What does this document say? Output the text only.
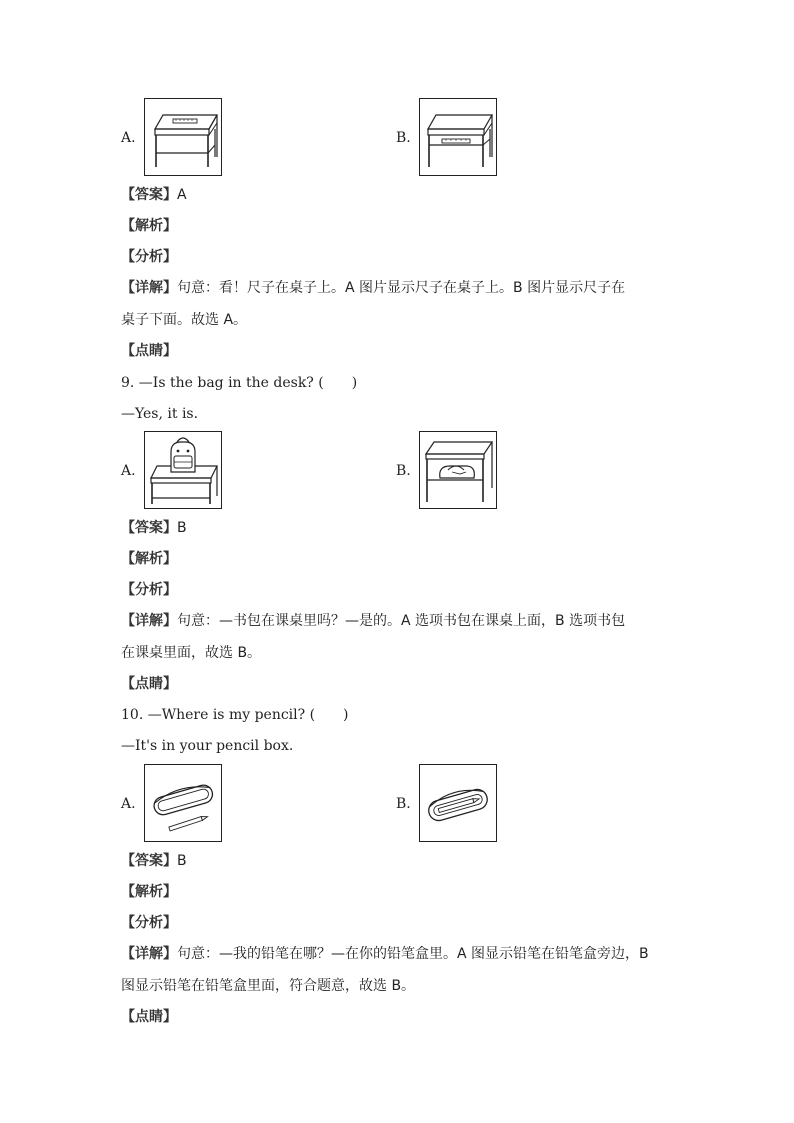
A.	B.
【答案】A
【解析】
【分析】
【详解】句意：看！尺子在桌子上。A 图片显示尺子在桌子上。B 图片显示尺子在
桌子下面。故选 A。
【点睛】
9. —Is the bag in the desk? (　　)
—Yes, it is.
A.	B.
【答案】B
【解析】
【分析】
【详解】句意：—书包在课桌里吗？—是的。A 选项书包在课桌上面，B 选项书包
在课桌里面，故选 B。
【点睛】
10. —Where is my pencil? (　　)
—It's in your pencil box.
A.	B.
【答案】B
【解析】
【分析】
【详解】句意：—我的铅笔在哪？—在你的铅笔盒里。A 图显示铅笔在铅笔盒旁边，B
图显示铅笔在铅笔盒里面，符合题意，故选 B。
【点睛】
